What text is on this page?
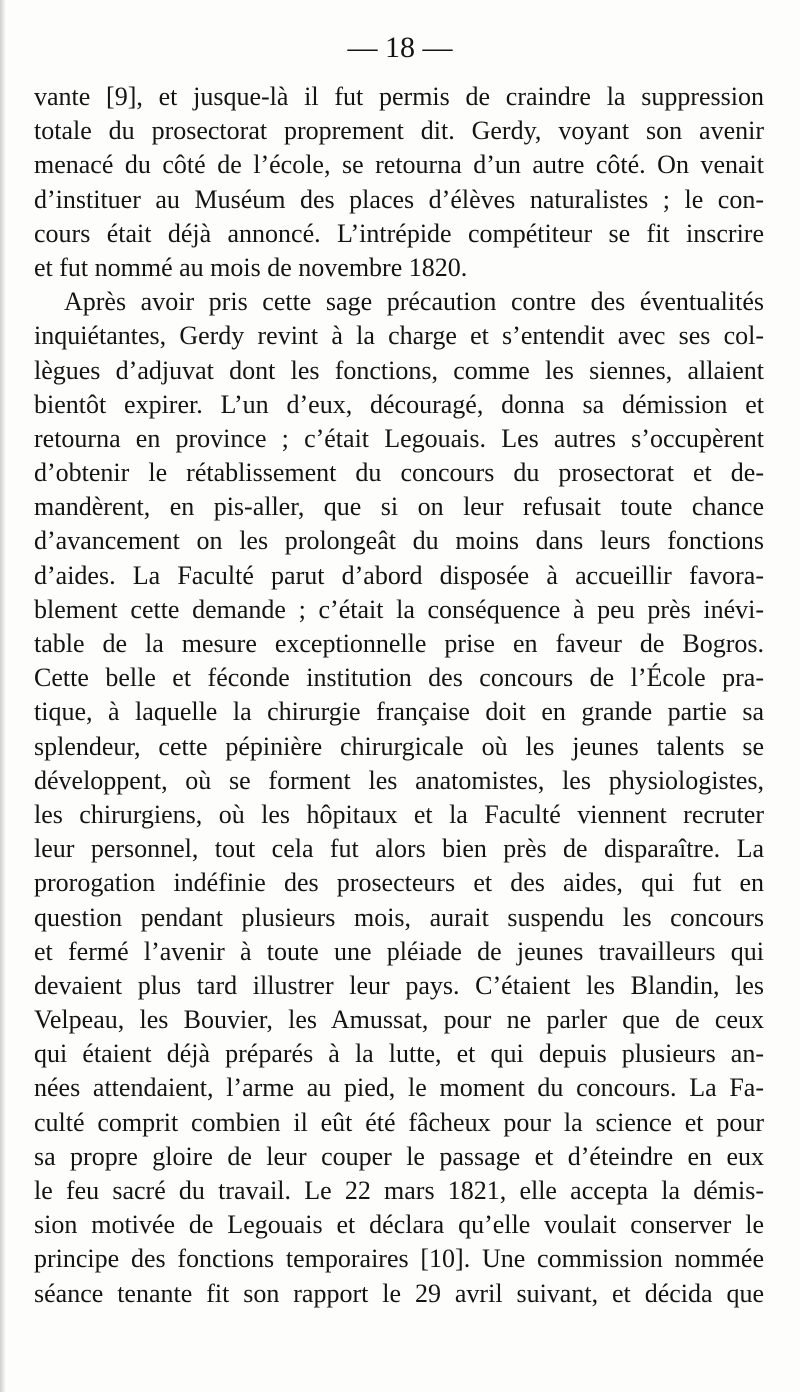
— 18 —
vante [9], et jusque-là il fut permis de craindre la suppression
totale du prosectorat proprement dit. Gerdy, voyant son avenir
menacé du côté de l’école, se retourna d’un autre côté. On venait
d’instituer au Muséum des places d’élèves naturalistes ; le con-
cours était déjà annoncé. L’intrépide compétiteur se fit inscrire
et fut nommé au mois de novembre 1820.
Après avoir pris cette sage précaution contre des éventualités
inquiétantes, Gerdy revint à la charge et s’entendit avec ses col-
lègues d’adjuvat dont les fonctions, comme les siennes, allaient
bientôt expirer. L’un d’eux, découragé, donna sa démission et
retourna en province ; c’était Legouais. Les autres s’occupèrent
d’obtenir le rétablissement du concours du prosectorat et de-
mandèrent, en pis-aller, que si on leur refusait toute chance
d’avancement on les prolongeât du moins dans leurs fonctions
d’aides. La Faculté parut d’abord disposée à accueillir favora-
blement cette demande ; c’était la conséquence à peu près inévi-
table de la mesure exceptionnelle prise en faveur de Bogros.
Cette belle et féconde institution des concours de l’École pra-
tique, à laquelle la chirurgie française doit en grande partie sa
splendeur, cette pépinière chirurgicale où les jeunes talents se
développent, où se forment les anatomistes, les physiologistes,
les chirurgiens, où les hôpitaux et la Faculté viennent recruter
leur personnel, tout cela fut alors bien près de disparaître. La
prorogation indéfinie des prosecteurs et des aides, qui fut en
question pendant plusieurs mois, aurait suspendu les concours
et fermé l’avenir à toute une pléiade de jeunes travailleurs qui
devaient plus tard illustrer leur pays. C’étaient les Blandin, les
Velpeau, les Bouvier, les Amussat, pour ne parler que de ceux
qui étaient déjà préparés à la lutte, et qui depuis plusieurs an-
nées attendaient, l’arme au pied, le moment du concours. La Fa-
culté comprit combien il eût été fâcheux pour la science et pour
sa propre gloire de leur couper le passage et d’éteindre en eux
le feu sacré du travail. Le 22 mars 1821, elle accepta la démis-
sion motivée de Legouais et déclara qu’elle voulait conserver le
principe des fonctions temporaires [10]. Une commission nommée
séance tenante fit son rapport le 29 avril suivant, et décida que
